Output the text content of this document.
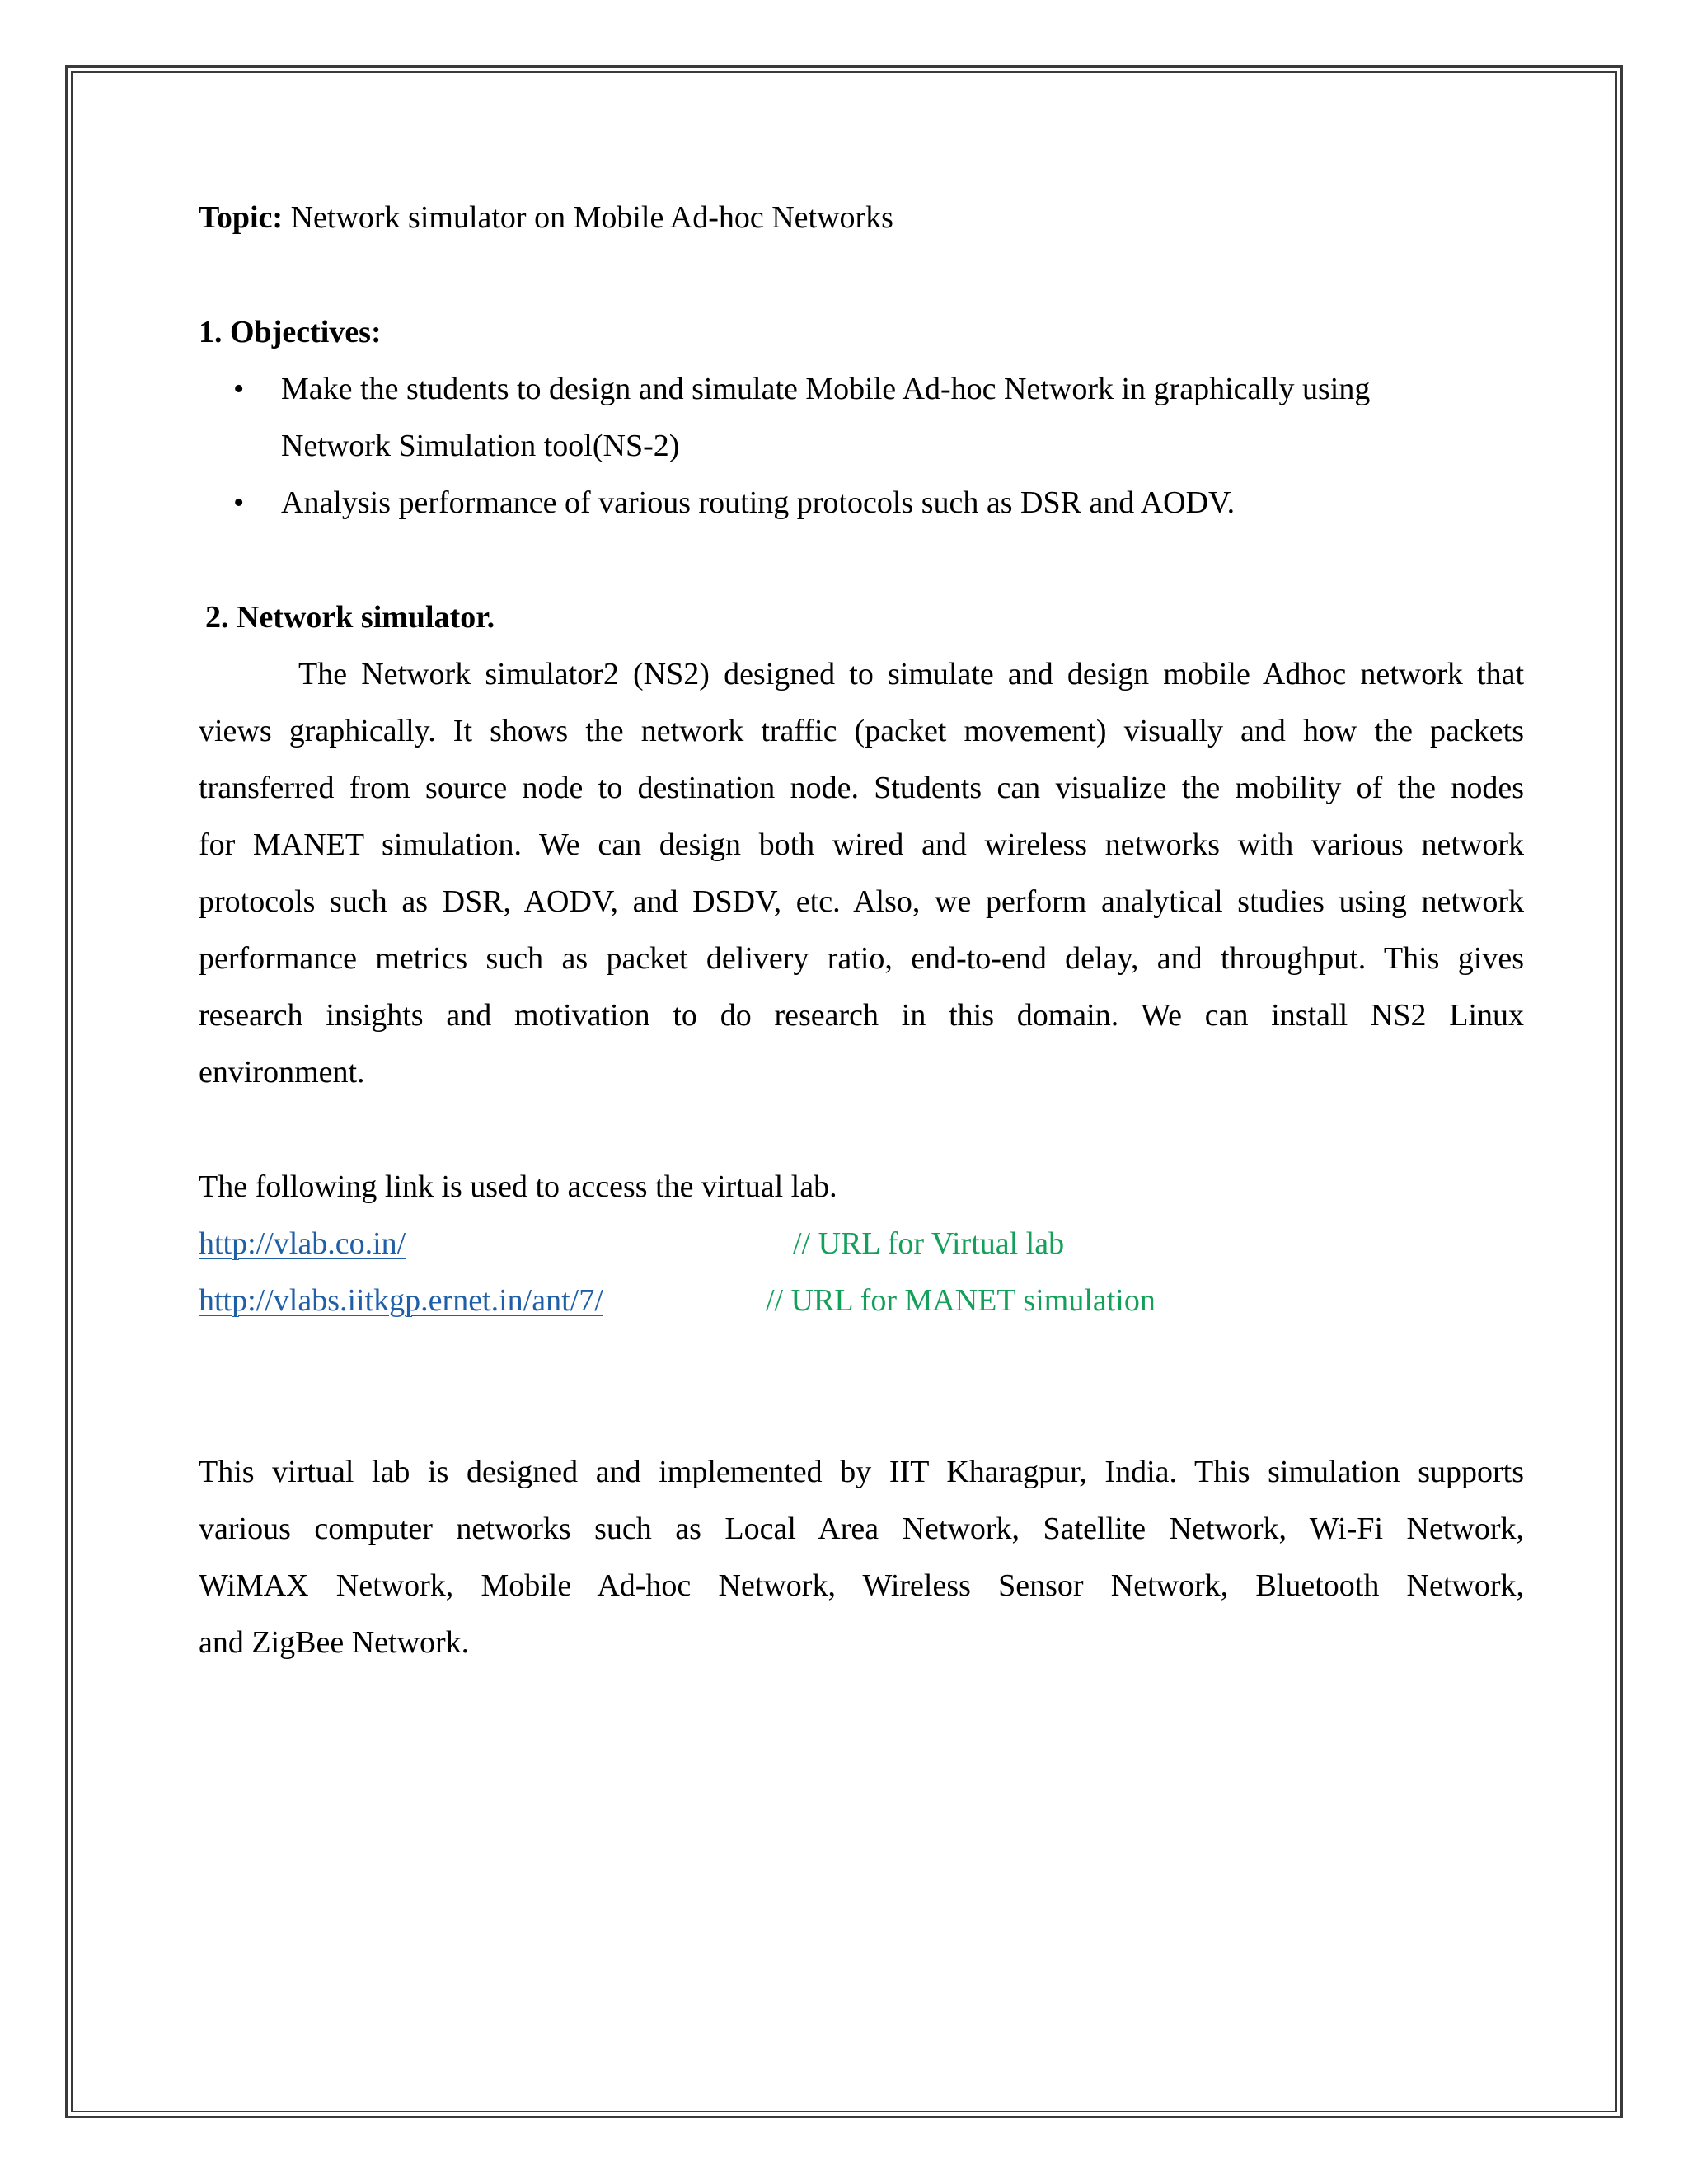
Topic: Network simulator on Mobile Ad-hoc Networks
1. Objectives:
• Make the students to design and simulate Mobile Ad-hoc Network in graphically using
Network Simulation tool(NS-2)
• Analysis performance of various routing protocols such as DSR and AODV.
2. Network simulator.
The Network simulator2 (NS2) designed to simulate and design mobile Adhoc network that
views graphically. It shows the network traffic (packet movement) visually and how the packets
transferred from source node to destination node. Students can visualize the mobility of the nodes
for MANET simulation. We can design both wired and wireless networks with various network
protocols such as DSR, AODV, and DSDV, etc. Also, we perform analytical studies using network
performance metrics such as packet delivery ratio, end-to-end delay, and throughput. This gives
research insights and motivation to do research in this domain. We can install NS2 Linux
environment.
The following link is used to access the virtual lab.
http://vlab.co.in/	// URL for Virtual lab
http://vlabs.iitkgp.ernet.in/ant/7/	// URL for MANET simulation
This virtual lab is designed and implemented by IIT Kharagpur, India. This simulation supports
various computer networks such as Local Area Network, Satellite Network, Wi-Fi Network,
WiMAX Network, Mobile Ad-hoc Network, Wireless Sensor Network, Bluetooth Network,
and ZigBee Network.
